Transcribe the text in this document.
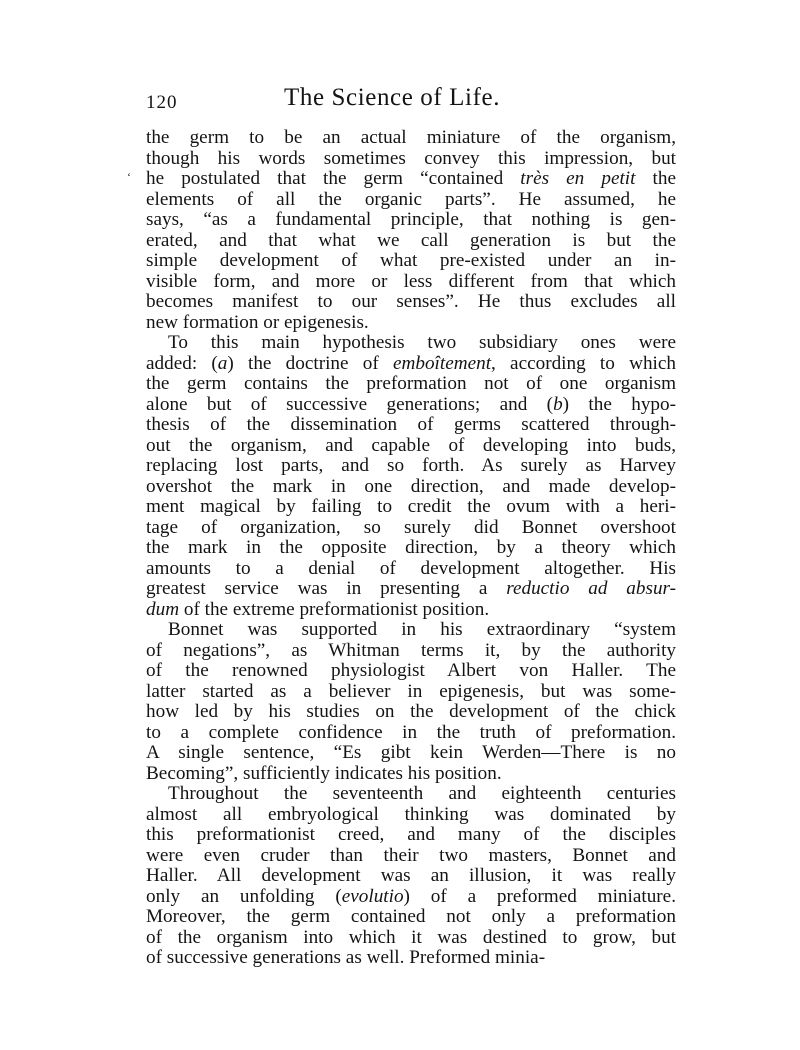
120	The Science of Life.
‘
the germ to be an actual miniature of the organism,
though his words sometimes convey this impression, but
he postulated that the germ “contained très en petit the
elements of all the organic parts”. He assumed, he
says, “as a fundamental principle, that nothing is gen-
erated, and that what we call generation is but the
simple development of what pre-existed under an in-
visible form, and more or less different from that which
becomes manifest to our senses”. He thus excludes all
new formation or epigenesis.
To this main hypothesis two subsidiary ones were
added: (a) the doctrine of emboîtement, according to which
the germ contains the preformation not of one organism
alone but of successive generations; and (b) the hypo-
thesis of the dissemination of germs scattered through-
out the organism, and capable of developing into buds,
replacing lost parts, and so forth. As surely as Harvey
overshot the mark in one direction, and made develop-
ment magical by failing to credit the ovum with a heri-
tage of organization, so surely did Bonnet overshoot
the mark in the opposite direction, by a theory which
amounts to a denial of development altogether. His
greatest service was in presenting a reductio ad absur-
dum of the extreme preformationist position.
Bonnet was supported in his extraordinary “system
of negations”, as Whitman terms it, by the authority
of the renowned physiologist Albert von Haller. The
latter started as a believer in epigenesis, but was some-
how led by his studies on the development of the chick
to a complete confidence in the truth of preformation.
A single sentence, “Es gibt kein Werden—There is no
Becoming”, sufficiently indicates his position.
Throughout the seventeenth and eighteenth centuries
almost all embryological thinking was dominated by
this preformationist creed, and many of the disciples
were even cruder than their two masters, Bonnet and
Haller. All development was an illusion, it was really
only an unfolding (evolutio) of a preformed miniature.
Moreover, the germ contained not only a preformation
of the organism into which it was destined to grow, but
of successive generations as well. Preformed minia-
